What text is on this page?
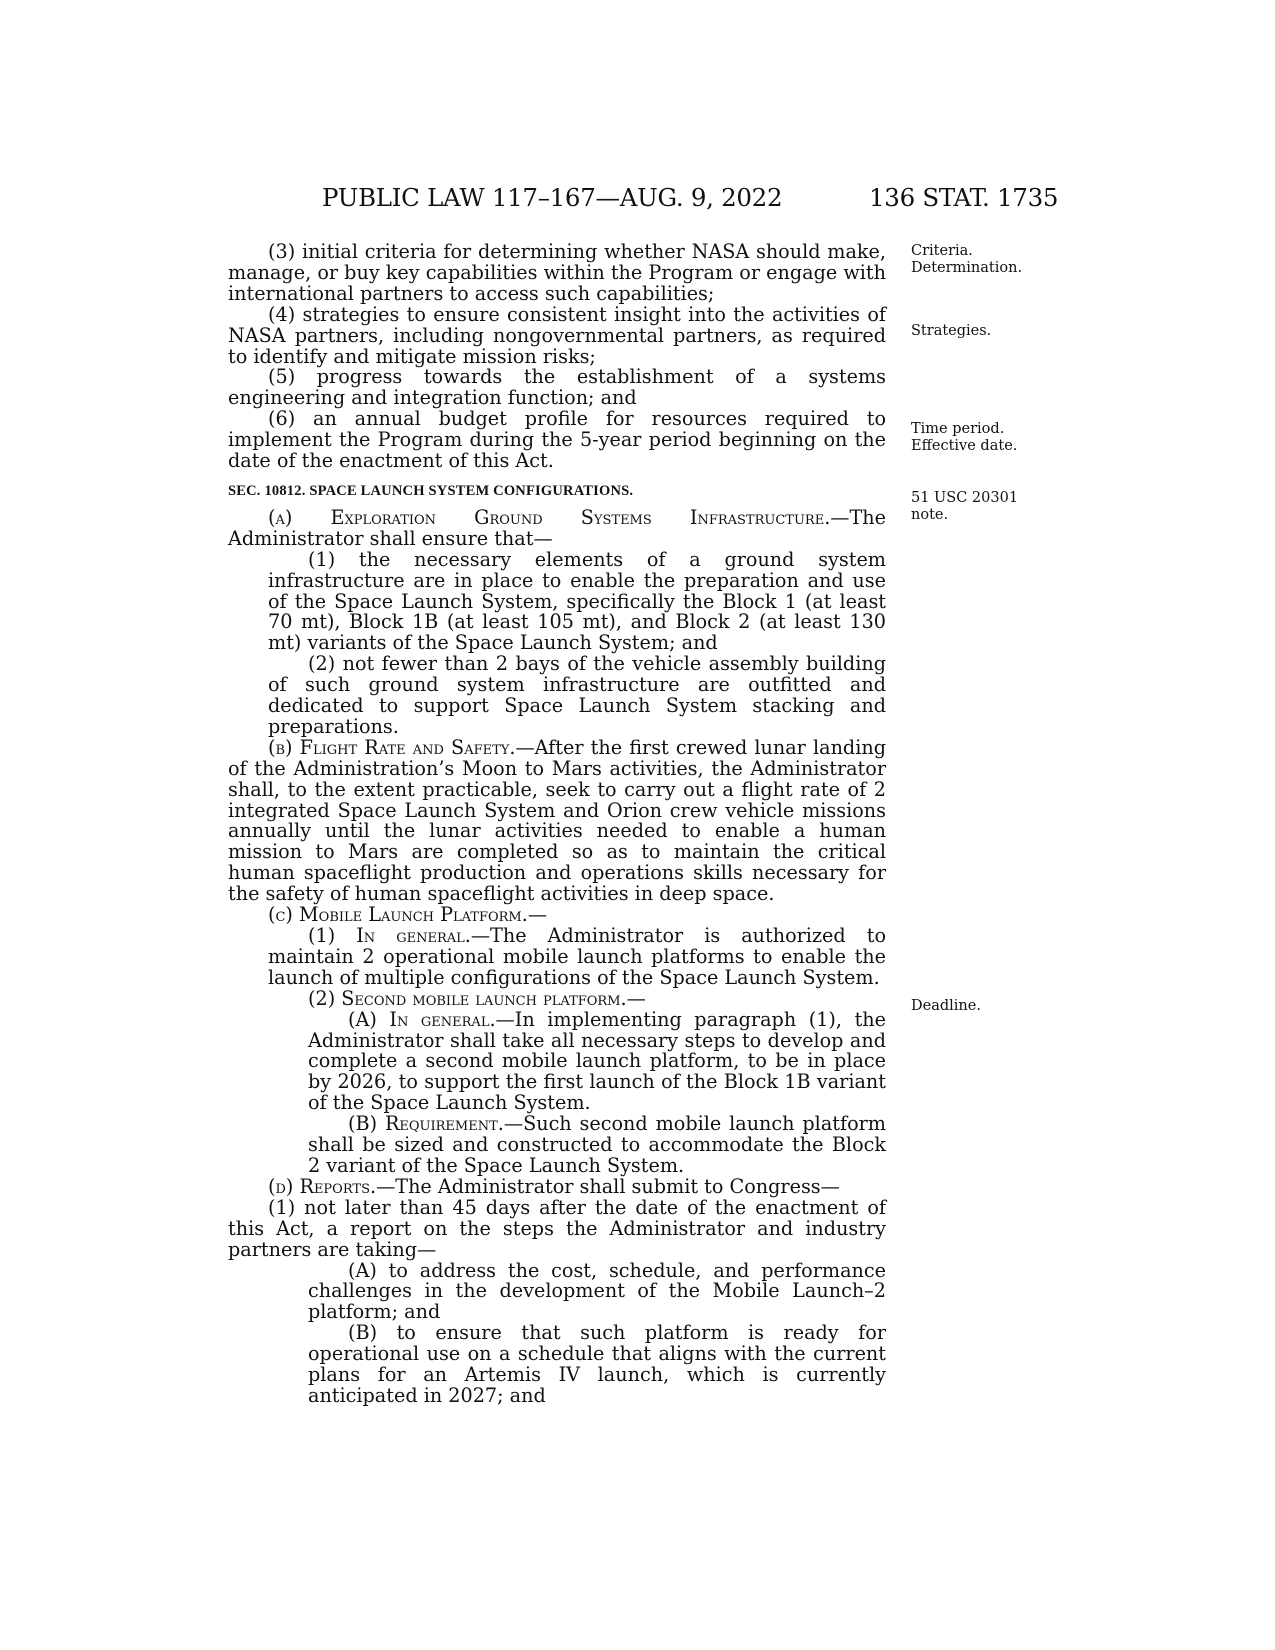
PUBLIC LAW 117–167—AUG. 9, 2022	136 STAT. 1735
Criteria.
Determination.
Strategies.
Time period.
Effective date.
51 USC 20301
note.
Deadline.

(3) initial criteria for determining whether NASA should make, manage, or buy key capabilities within the Program or engage with international partners to access such capabilities;

(4) strategies to ensure consistent insight into the activities of NASA partners, including nongovernmental partners, as required to identify and mitigate mission risks;

(5) progress towards the establishment of a systems engineering and integration function; and

(6) an annual budget profile for resources required to implement the Program during the 5-year period beginning on the date of the enactment of this Act.

SEC. 10812. SPACE LAUNCH SYSTEM CONFIGURATIONS.

(a) Exploration Ground Systems Infrastructure.—The Administrator shall ensure that—

(1) the necessary elements of a ground system infrastructure are in place to enable the preparation and use of the Space Launch System, specifically the Block 1 (at least 70 mt), Block 1B (at least 105 mt), and Block 2 (at least 130 mt) variants of the Space Launch System; and

(2) not fewer than 2 bays of the vehicle assembly building of such ground system infrastructure are outfitted and dedicated to support Space Launch System stacking and preparations.

(b) Flight Rate and Safety.—After the first crewed lunar landing of the Administration’s Moon to Mars activities, the Administrator shall, to the extent practicable, seek to carry out a flight rate of 2 integrated Space Launch System and Orion crew vehicle missions annually until the lunar activities needed to enable a human mission to Mars are completed so as to maintain the critical human spaceflight production and operations skills necessary for the safety of human spaceflight activities in deep space.

(c) Mobile Launch Platform.—

(1) In general.—The Administrator is authorized to maintain 2 operational mobile launch platforms to enable the launch of multiple configurations of the Space Launch System.

(2) Second mobile launch platform.—

(A) In general.—In implementing paragraph (1), the Administrator shall take all necessary steps to develop and complete a second mobile launch platform, to be in place by 2026, to support the first launch of the Block 1B variant of the Space Launch System.

(B) Requirement.—Such second mobile launch platform shall be sized and constructed to accommodate the Block 2 variant of the Space Launch System.

(d) Reports.—The Administrator shall submit to Congress—

(1) not later than 45 days after the date of the enactment of this Act, a report on the steps the Administrator and industry partners are taking—

(A) to address the cost, schedule, and performance challenges in the development of the Mobile Launch–2 platform; and

(B) to ensure that such platform is ready for operational use on a schedule that aligns with the current plans for an Artemis IV launch, which is currently anticipated in 2027; and
